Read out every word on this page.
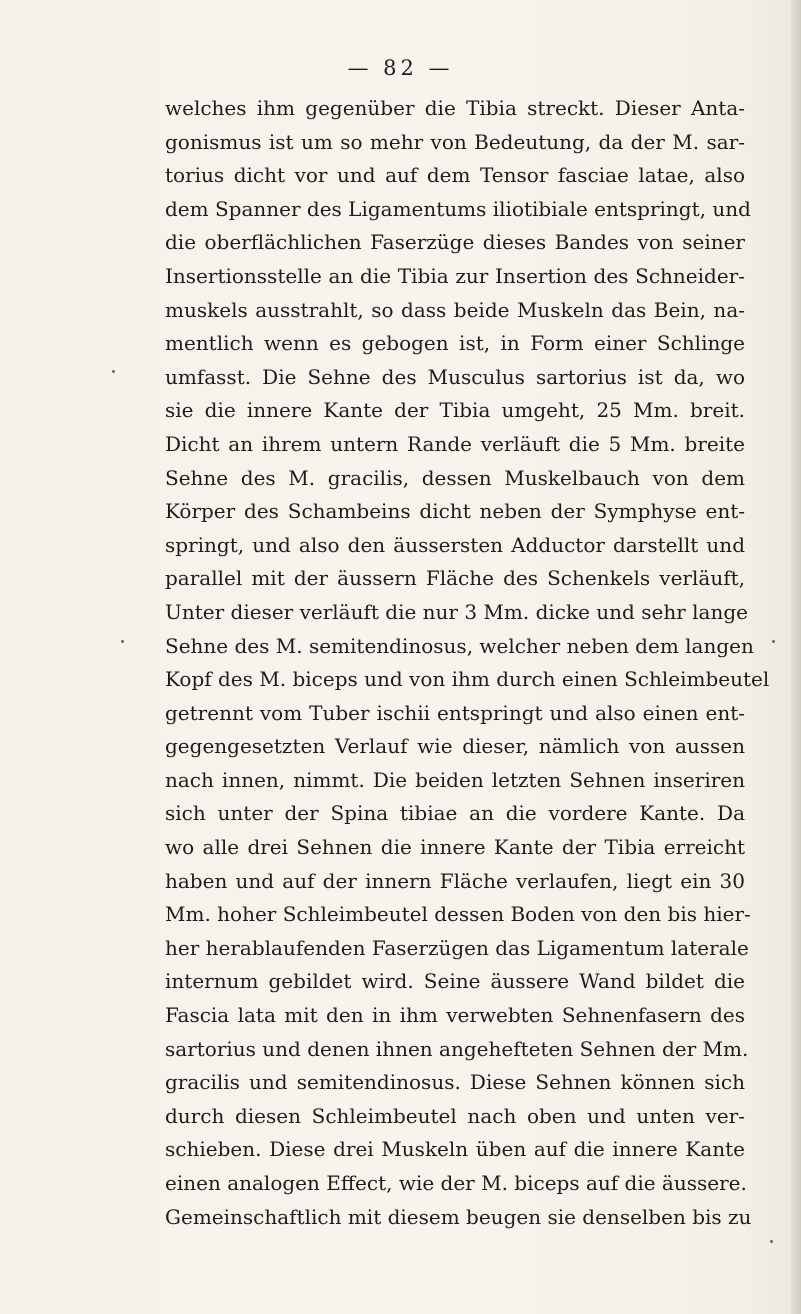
— 82 —
welches ihm gegenüber die Tibia streckt. Dieser Anta-
gonismus ist um so mehr von Bedeutung, da der M. sar-
torius dicht vor und auf dem Tensor fasciae latae, also
dem Spanner des Ligamentums iliotibiale entspringt, und
die oberflächlichen Faserzüge dieses Bandes von seiner
Insertionsstelle an die Tibia zur Insertion des Schneider-
muskels ausstrahlt, so dass beide Muskeln das Bein, na-
mentlich wenn es gebogen ist, in Form einer Schlinge
umfasst. Die Sehne des Musculus sartorius ist da, wo
sie die innere Kante der Tibia umgeht, 25 Mm. breit.
Dicht an ihrem untern Rande verläuft die 5 Mm. breite
Sehne des M. gracilis, dessen Muskelbauch von dem
Körper des Schambeins dicht neben der Symphyse ent-
springt, und also den äussersten Adductor darstellt und
parallel mit der äussern Fläche des Schenkels verläuft,
Unter dieser verläuft die nur 3 Mm. dicke und sehr lange
Sehne des M. semitendinosus, welcher neben dem langen
Kopf des M. biceps und von ihm durch einen Schleimbeutel
getrennt vom Tuber ischii entspringt und also einen ent-
gegengesetzten Verlauf wie dieser, nämlich von aussen
nach innen, nimmt. Die beiden letzten Sehnen inseriren
sich unter der Spina tibiae an die vordere Kante. Da
wo alle drei Sehnen die innere Kante der Tibia erreicht
haben und auf der innern Fläche verlaufen, liegt ein 30
Mm. hoher Schleimbeutel dessen Boden von den bis hier-
her herablaufenden Faserzügen das Ligamentum laterale
internum gebildet wird. Seine äussere Wand bildet die
Fascia lata mit den in ihm verwebten Sehnenfasern des
sartorius und denen ihnen angehefteten Sehnen der Mm.
gracilis und semitendinosus. Diese Sehnen können sich
durch diesen Schleimbeutel nach oben und unten ver-
schieben. Diese drei Muskeln üben auf die innere Kante
einen analogen Effect, wie der M. biceps auf die äussere.
Gemeinschaftlich mit diesem beugen sie denselben bis zu
